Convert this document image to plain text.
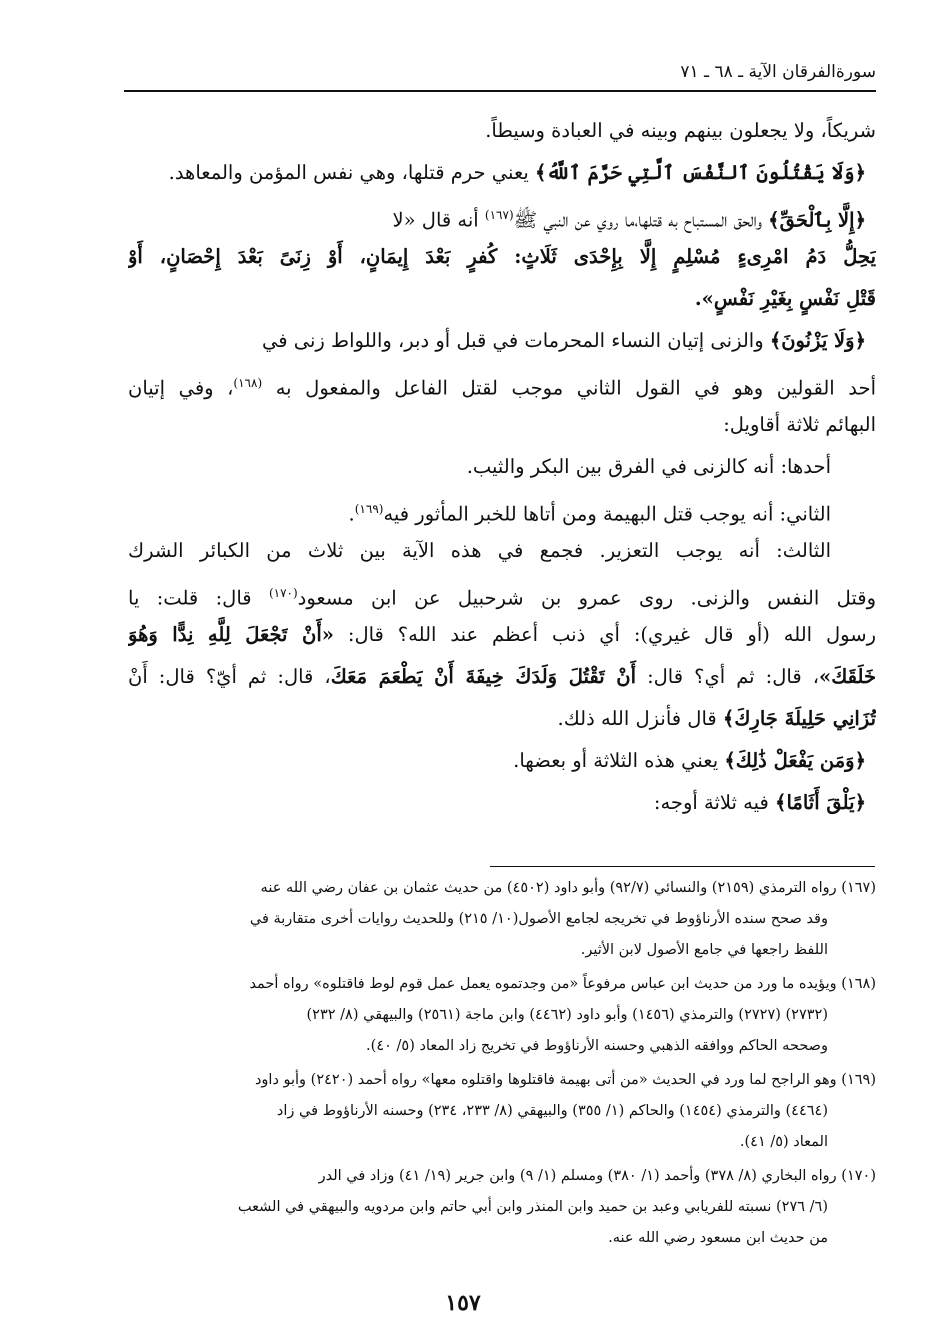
سورةالفرقان الآية ـ ٦٨ ـ ٧١
شريكاً، ولا يجعلون بينهم وبينه في العبادة وسيطاً.
﴿وَلَا يَقْتُلُونَ ٱلنَّفْسَ ٱلَّتِي حَرَّمَ ٱللَّهُ﴾ يعني حرم قتلها، وهي نفس المؤمن والمعاهد.
﴿إِلَّا بِٱلْحَقِّ﴾ والحق المستباح به قتلها،ما روي عن النبي ﷺ$^{(١٦٧)}$ أنه قال «لا
يَحِلُّ دَمُ امْرِىءٍ مُسْلِمٍ إِلَّا بِإِحْدَى ثَلَاثٍ: كُفرٍ بَعْدَ إِيمَانٍ، أَوْ زِنَىً بَعْدَ إِحْصَانٍ، أَوْ
قَتْلِ نَفْسٍ بِغَيْرِ نَفْسٍ».
﴿وَلَا يَزْنُونَ﴾ والزنى إتيان النساء المحرمات في قبل أو دبر، واللواط زنى في
أحد القولين وهو في القول الثاني موجب لقتل الفاعل والمفعول به $^{(١٦٨)}$، وفي إتيان
البهائم ثلاثة أقاويل:
أحدها: أنه كالزنى في الفرق بين البكر والثيب.
الثاني: أنه يوجب قتل البهيمة ومن أتاها للخبر المأثور فيه$^{(١٦٩)}$.
الثالث: أنه يوجب التعزير. فجمع في هذه الآية بين ثلاث من الكبائر الشرك
وقتل النفس والزنى. روى عمرو بن شرحبيل عن ابن مسعود$^{(١٧٠)}$ قال: قلت: يا
رسول الله (أو قال غيري): أي ذنب أعظم عند الله؟ قال: «أَنْ تَجْعَلَ لِلَّهِ نِدًّا وَهُوَ
خَلَقَكَ»، قال: ثم أي؟ قال: أَنْ تَقْتُلَ وَلَدَكَ خِيفَةَ أَنْ يَطْعَمَ مَعَكَ، قال: ثم أيّ؟ قال: أَنْ
تُزَانِي حَلِيلَةَ جَارِكَ﴾ قال فأنزل الله ذلك.
﴿وَمَن يَفْعَلْ ذَٰلِكَ﴾ يعني هذه الثلاثة أو بعضها.
﴿يَلْقَ أَثَامًا﴾ فيه ثلاثة أوجه:
(١٦٧) رواه الترمذي (٢١٥٩) والنسائي (٩٢/٧) وأبو داود (٤٥٠٢) من حديث عثمان بن عفان رضي الله عنه
وقد صحح سنده الأرناؤوط في تخريجه لجامع الأصول(١٠/ ٢١٥) وللحديث روايات أخرى متقاربة في
اللفظ راجعها في جامع الأصول لابن الأثير.
(١٦٨) ويؤيده ما ورد من حديث ابن عباس مرفوعاً «من وجدتموه يعمل عمل قوم لوط فاقتلوه» رواه أحمد
(٢٧٣٢) (٢٧٢٧) والترمذي (١٤٥٦) وأبو داود (٤٤٦٢) وابن ماجة (٢٥٦١) والبيهقي (٨/ ٢٣٢)
وصححه الحاكم ووافقه الذهبي وحسنه الأرناؤوط في تخريج زاد المعاد (٥/ ٤٠).
(١٦٩) وهو الراجح لما ورد في الحديث «من أتى بهيمة فاقتلوها واقتلوه معها» رواه أحمد (٢٤٢٠) وأبو داود
(٤٤٦٤) والترمذي (١٤٥٤) والحاكم (١/ ٣٥٥) والبيهقي (٨/ ٢٣٣، ٢٣٤) وحسنه الأرناؤوط في زاد
المعاد (٥/ ٤١).
(١٧٠) رواه البخاري (٨/ ٣٧٨) وأحمد (١/ ٣٨٠) ومسلم (١/ ٩) وابن جرير (١٩/ ٤١) وزاد في الدر
(٦/ ٢٧٦) نسبته للفريابي وعبد بن حميد وابن المنذر وابن أبي حاتم وابن مردويه والبيهقي في الشعب
من حديث ابن مسعود رضي الله عنه.
١٥٧
